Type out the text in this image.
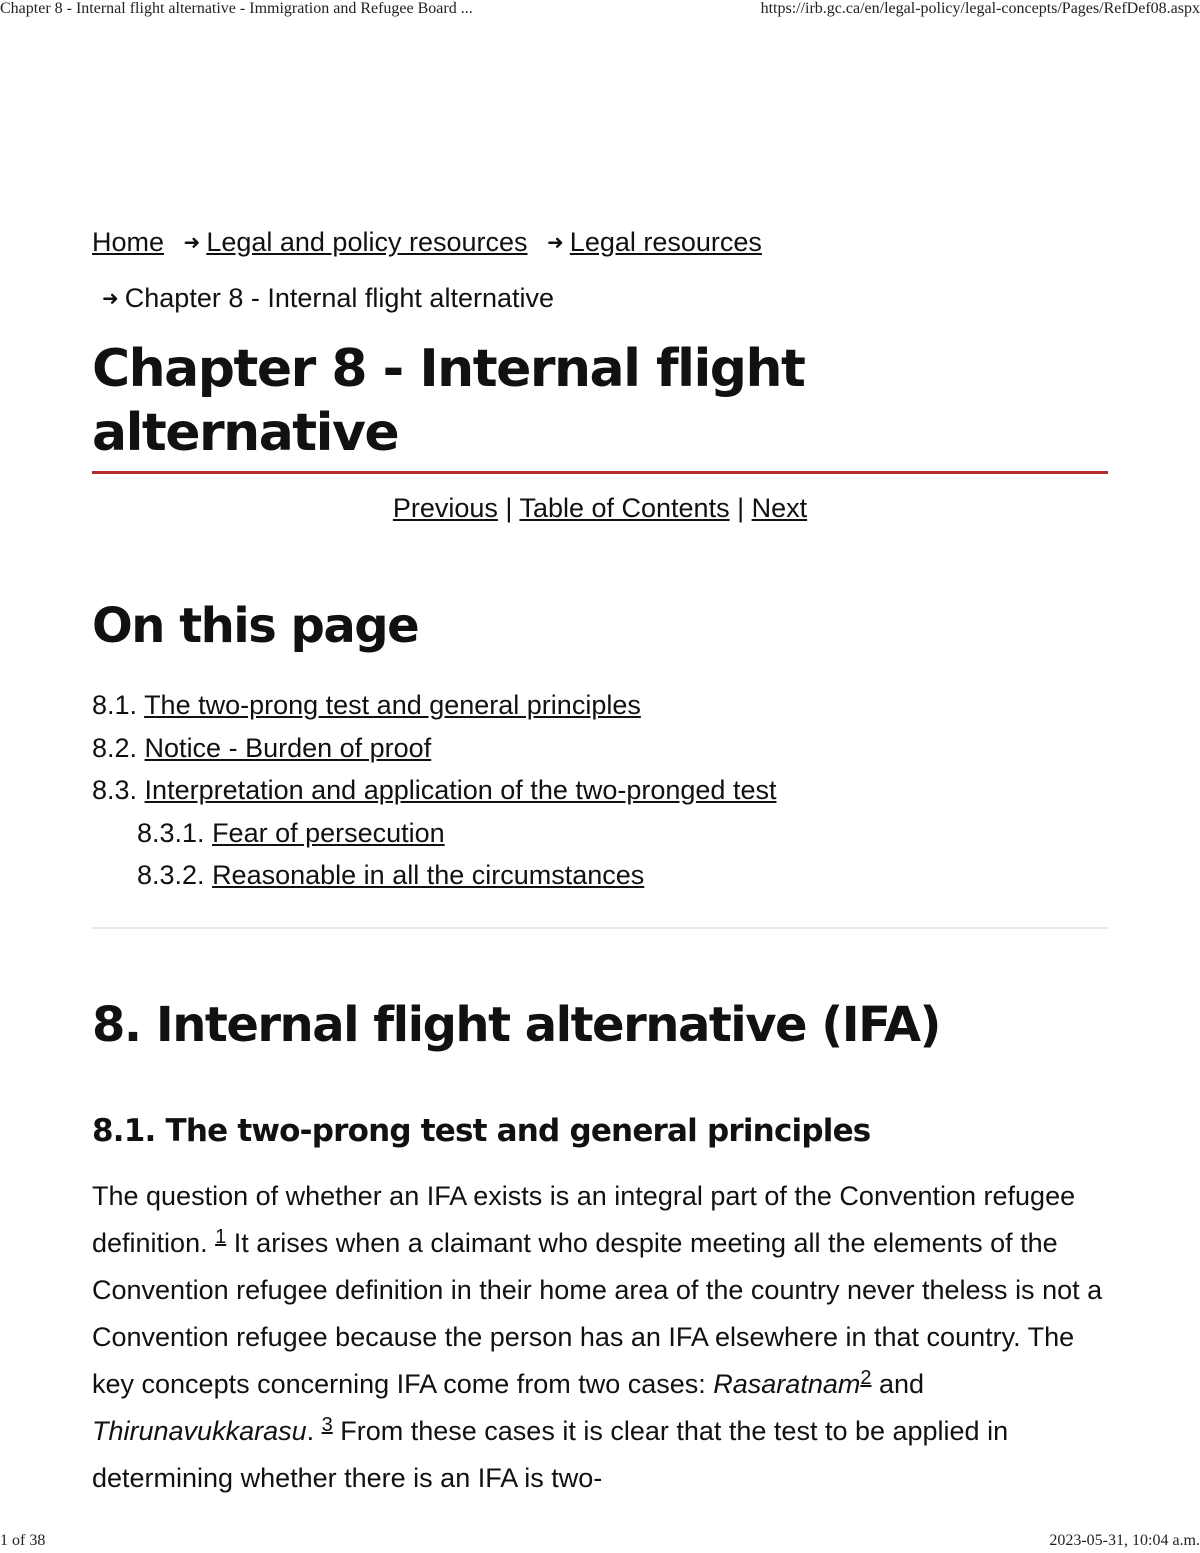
Chapter 8 - Internal flight alternative - Immigration and Refugee Board ...	https://irb.gc.ca/en/legal-policy/legal-concepts/Pages/RefDef08.aspx
Home ➜ Legal and policy resources ➜ Legal resources
➜ Chapter 8 - Internal flight alternative
Chapter 8 - Internal flight alternative
Previous | Table of Contents | Next
On this page
8.1. The two-prong test and general principles
8.2. Notice - Burden of proof
8.3. Interpretation and application of the two-pronged test
8.3.1. Fear of persecution
8.3.2. Reasonable in all the circumstances
8. Internal flight alternative (IFA)
8.1. The two-prong test and general principles

The question of whether an IFA exists is an integral part of the Convention refugee definition. $^1$ It arises when a claimant who despite meeting all the elements of the Convention refugee definition in their home area of the country never theless is not a Convention refugee because the person has an IFA elsewhere in that country. The key concepts concerning IFA come from two cases: Rasaratnam$^2$ and Thirunavukkarasu. $^3$ From these cases it is clear that the test to be applied in determining whether there is an IFA is two-

1 of 38	2023-05-31, 10:04 a.m.
